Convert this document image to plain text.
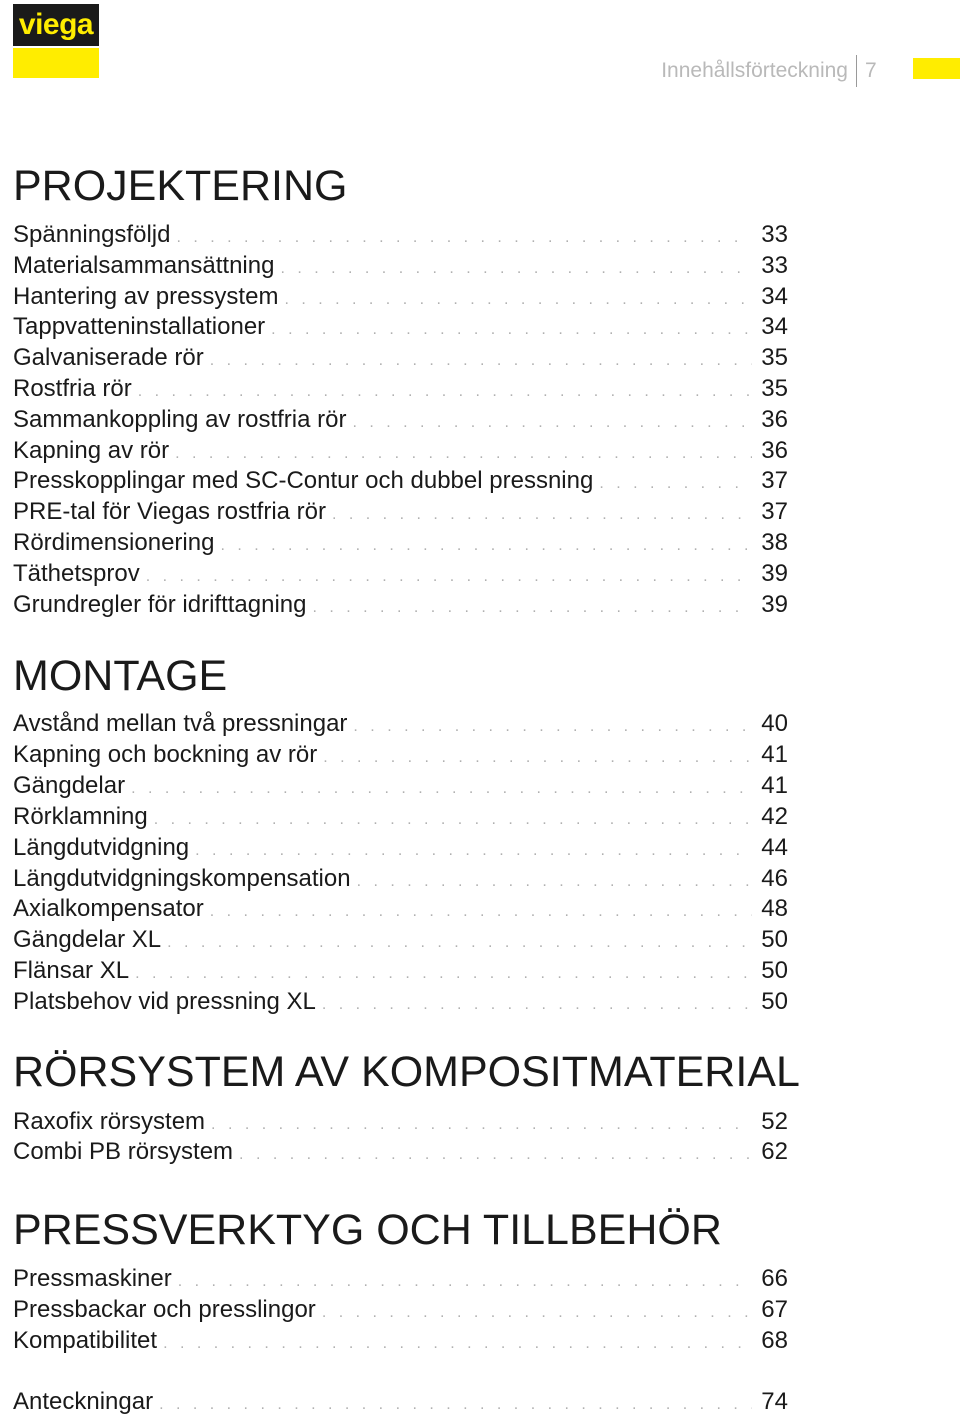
viega
Innehållsförteckning 7
PROJEKTERING
Spänningsföljd . . .	33
Materialsammansättning . . .	33
Hantering av pressystem . . .	34
Tappvatteninstallationer . . .	34
Galvaniserade rör . . .	35
Rostfria rör . . .	35
Sammankoppling av rostfria rör . . .	36
Kapning av rör . . .	36
Presskopplingar med SC-Contur och dubbel pressning . . .	37
PRE-tal för Viegas rostfria rör . . .	37
Rördimensionering . . .	38
Täthetsprov . . .	39
Grundregler för idrifttagning . . .	39
MONTAGE
Avstånd mellan två pressningar . . .	40
Kapning och bockning av rör . . .	41
Gängdelar . . .	41
Rörklamning . . .	42
Längdutvidgning . . .	44
Längdutvidgningskompensation . . .	46
Axialkompensator . . .	48
Gängdelar XL . . .	50
Flänsar XL . . .	50
Platsbehov vid pressning XL . . .	50
RÖRSYSTEM AV KOMPOSITMATERIAL
Raxofix rörsystem . . .	52
Combi PB rörsystem . . .	62
PRESSVERKTYG OCH TILLBEHÖR
Pressmaskiner . . .	66
Pressbackar och presslingor . . .	67
Kompatibilitet . . .	68
Anteckningar . . .	74
